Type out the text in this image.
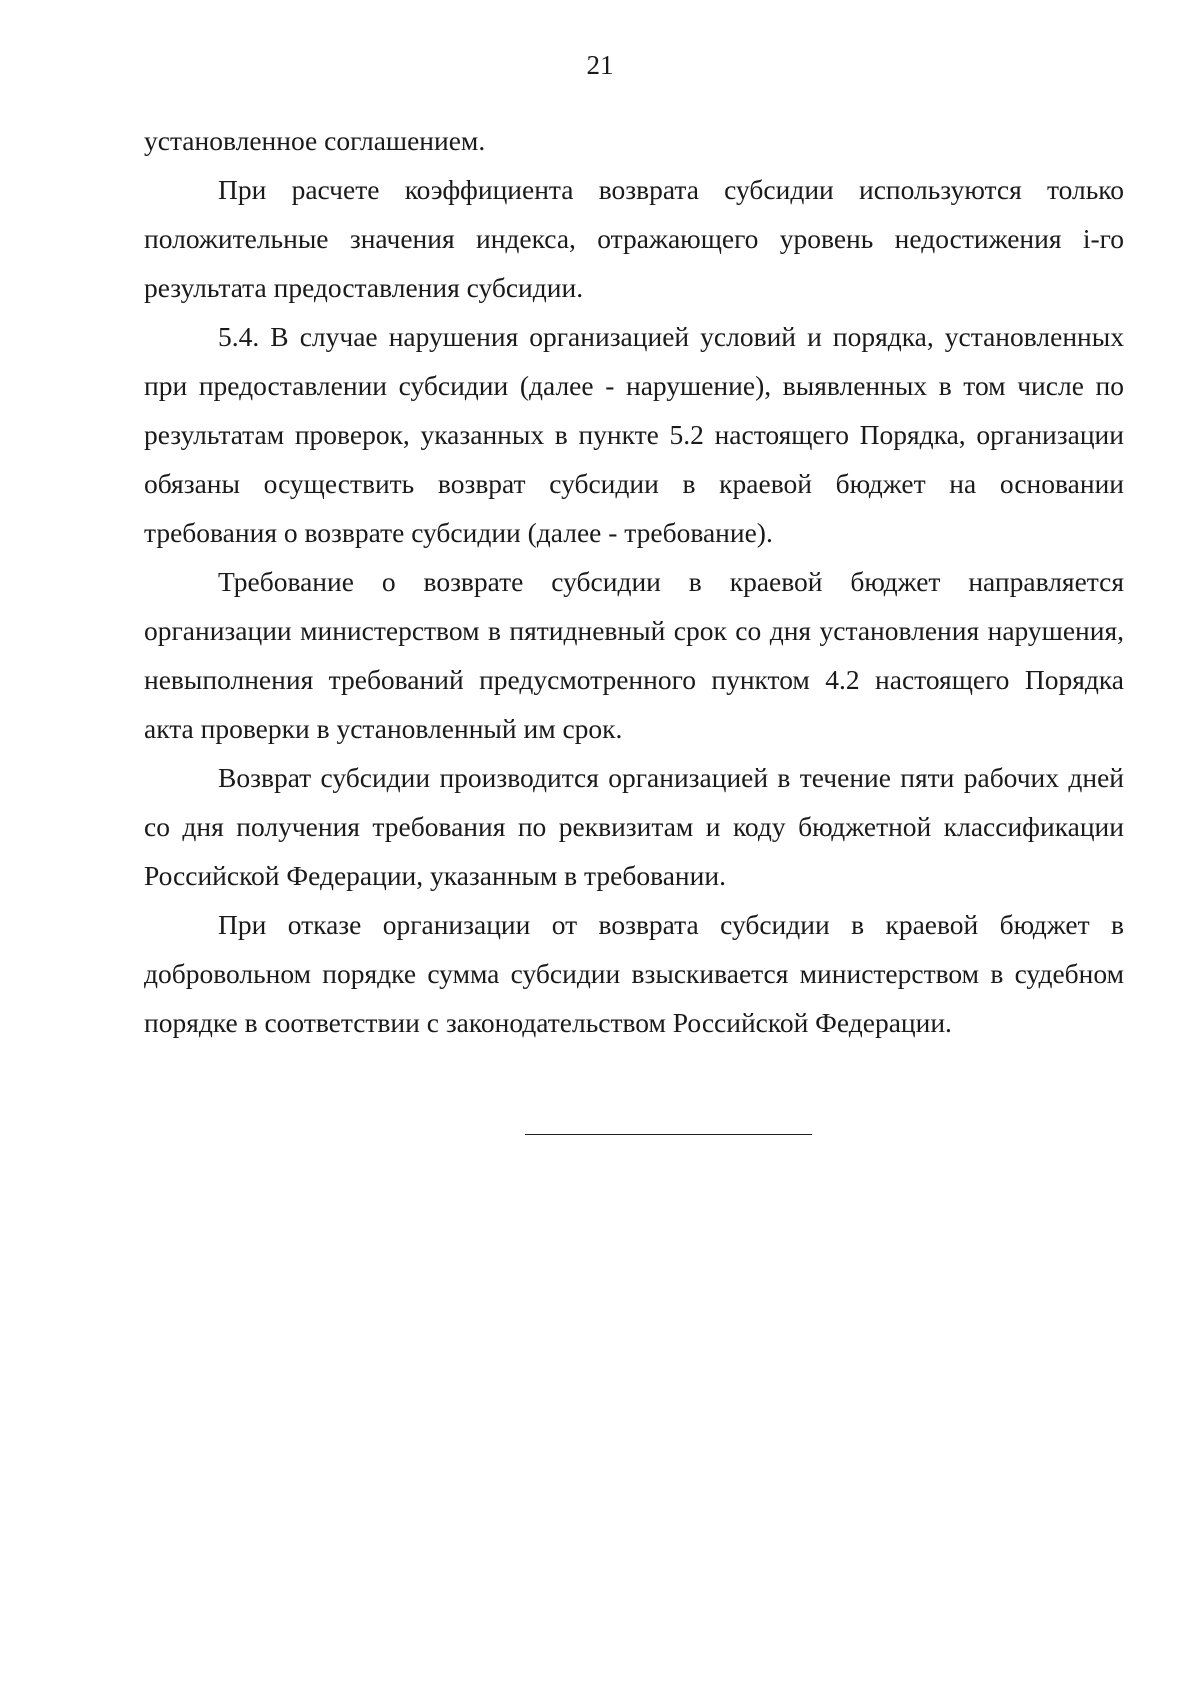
21

установленное соглашением.

При расчете коэффициента возврата субсидии используются только положительные значения индекса, отражающего уровень недостижения i-го результата предоставления субсидии.

5.4. В случае нарушения организацией условий и порядка, установленных при предоставлении субсидии (далее - нарушение), выявленных в том числе по результатам проверок, указанных в пункте 5.2 настоящего Порядка, организации обязаны осуществить возврат субсидии в краевой бюджет на основании требования о возврате субсидии (далее - требование).

Требование о возврате субсидии в краевой бюджет направляется организации министерством в пятидневный срок со дня установления нарушения, невыполнения требований предусмотренного пунктом 4.2 настоящего Порядка акта проверки в установленный им срок.

Возврат субсидии производится организацией в течение пяти рабочих дней со дня получения требования по реквизитам и коду бюджетной классификации Российской Федерации, указанным в требовании.

При отказе организации от возврата субсидии в краевой бюджет в добровольном порядке сумма субсидии взыскивается министерством в судебном порядке в соответствии с законодательством Российской Федерации.
